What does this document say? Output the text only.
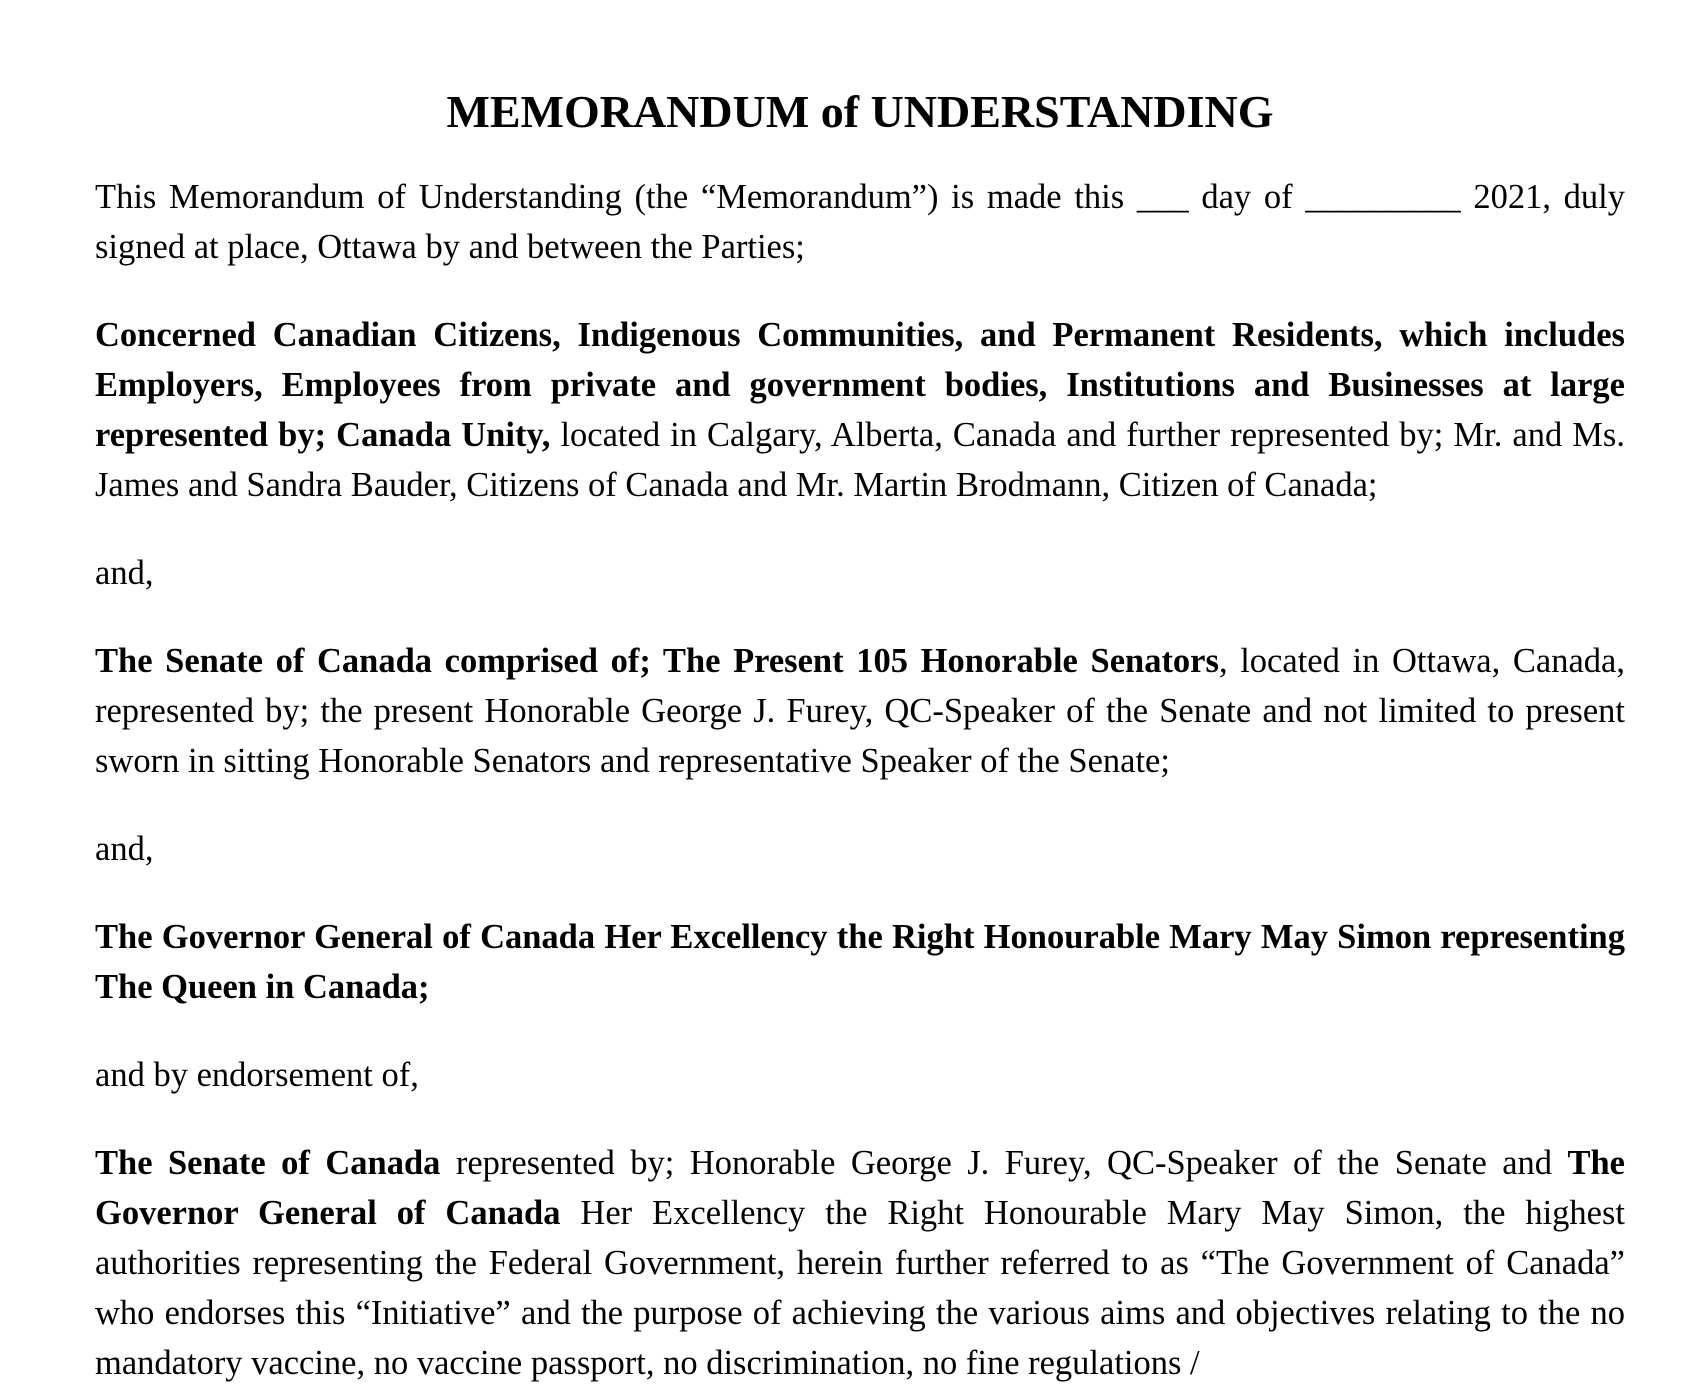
MEMORANDUM of UNDERSTANDING

This Memorandum of Understanding (the “Memorandum”) is made this ___ day of _________ 2021, duly signed at place, Ottawa by and between the Parties;

Concerned Canadian Citizens, Indigenous Communities, and Permanent Residents, which includes Employers, Employees from private and government bodies, Institutions and Businesses at large represented by; Canada Unity, located in Calgary, Alberta, Canada and further represented by; Mr. and Ms. James and Sandra Bauder, Citizens of Canada and Mr. Martin Brodmann, Citizen of Canada;

and,

The Senate of Canada comprised of; The Present 105 Honorable Senators, located in Ottawa, Canada, represented by; the present Honorable George J. Furey, QC-Speaker of the Senate and not limited to present sworn in sitting Honorable Senators and representative Speaker of the Senate;

and,

The Governor General of Canada Her Excellency the Right Honourable Mary May Simon representing The Queen in Canada;

and by endorsement of,

The Senate of Canada represented by; Honorable George J. Furey, QC-Speaker of the Senate and The Governor General of Canada Her Excellency the Right Honourable Mary May Simon, the highest authorities representing the Federal Government, herein further referred to as “The Government of Canada” who endorses this “Initiative” and the purpose of achieving the various aims and objectives relating to the no mandatory vaccine, no vaccine passport, no discrimination, no fine regulations /
